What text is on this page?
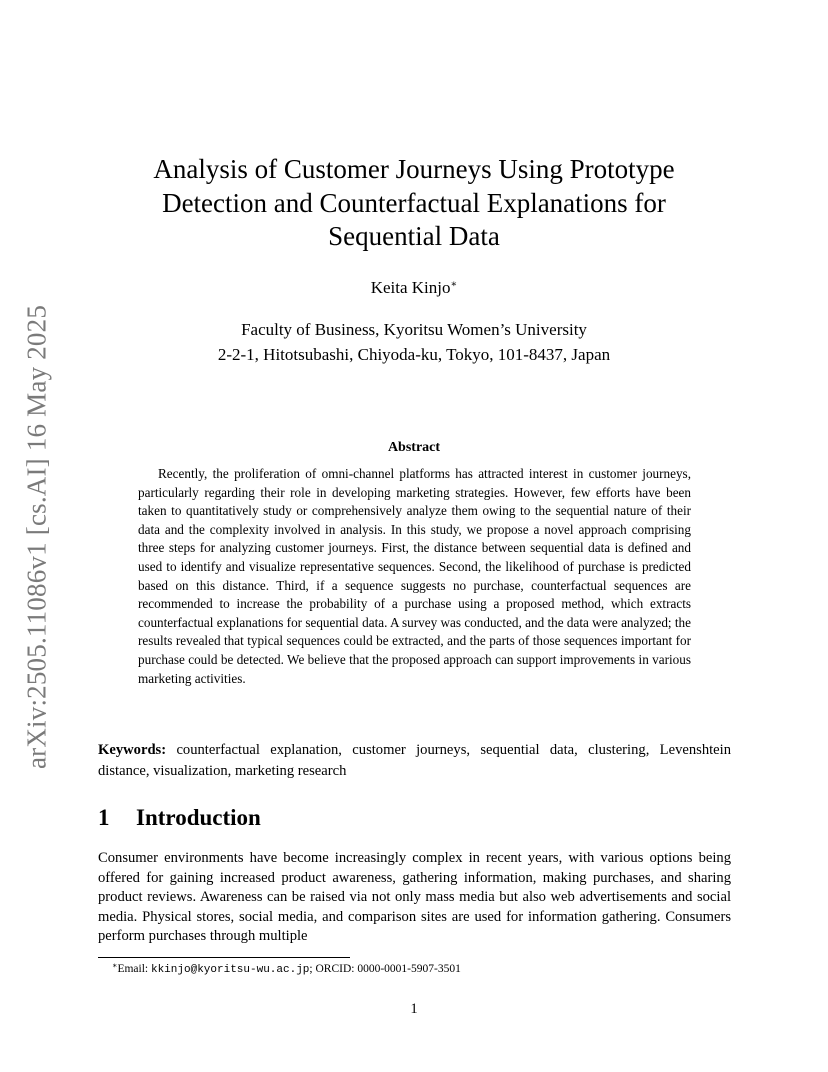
arXiv:2505.11086v1 [cs.AI] 16 May 2025
Analysis of Customer Journeys Using Prototype
Detection and Counterfactual Explanations for
Sequential Data
Keita Kinjo∗
Faculty of Business, Kyoritsu Women’s University
2-2-1, Hitotsubashi, Chiyoda-ku, Tokyo, 101-8437, Japan
Abstract

Recently, the proliferation of omni-channel platforms has attracted interest in customer journeys, particularly regarding their role in developing marketing strategies. However, few efforts have been taken to quantitatively study or comprehensively analyze them owing to the sequential nature of their data and the complexity involved in analysis. In this study, we propose a novel approach comprising three steps for analyzing customer journeys. First, the distance between sequential data is defined and used to identify and visualize representative sequences. Second, the likelihood of purchase is predicted based on this distance. Third, if a sequence suggests no purchase, counterfactual sequences are recommended to increase the probability of a purchase using a proposed method, which extracts counterfactual explanations for sequential data. A survey was conducted, and the data were analyzed; the results revealed that typical sequences could be extracted, and the parts of those sequences important for purchase could be detected. We believe that the proposed approach can support improvements in various marketing activities.

Keywords: counterfactual explanation, customer journeys, sequential data, clustering, Levenshtein distance, visualization, marketing research
1 Introduction

Consumer environments have become increasingly complex in recent years, with various options being offered for gaining increased product awareness, gathering information, making purchases, and sharing product reviews. Awareness can be raised via not only mass media but also web advertisements and social media. Physical stores, social media, and comparison sites are used for information gathering. Consumers perform purchases through multiple

∗Email: kkinjo@kyoritsu-wu.ac.jp; ORCID: 0000-0001-5907-3501
1
